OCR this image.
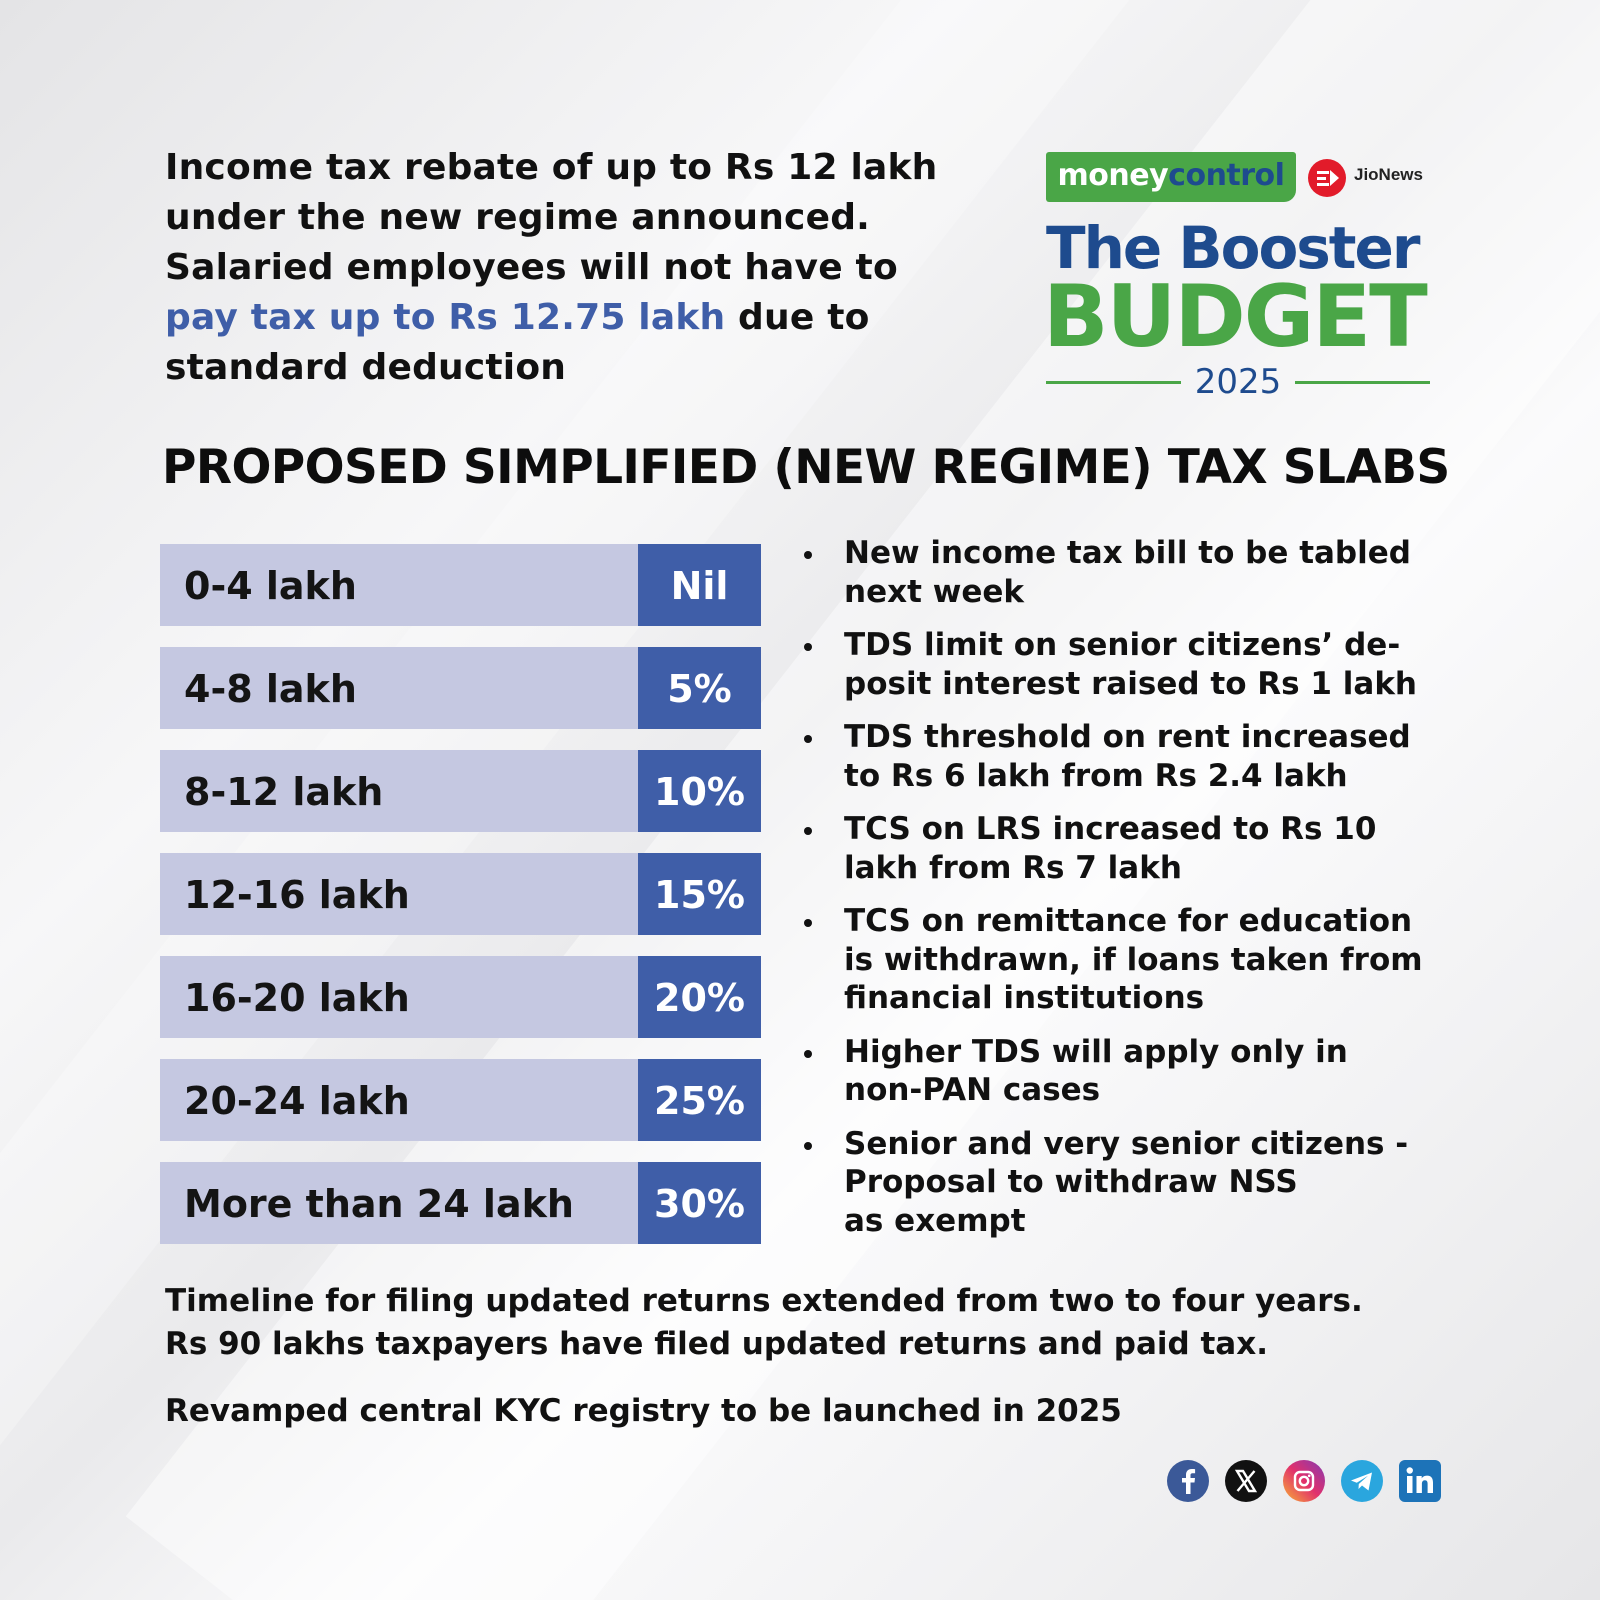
Income tax rebate of up to Rs 12 lakh
under the new regime announced.
Salaried employees will not have to
pay tax up to Rs 12.75 lakh due to
standard deduction
moneycontrol	JioNews
The Booster
BUDGET
2025
PROPOSED SIMPLIFIED (NEW REGIME) TAX SLABS
0-4 lakh	Nil
4-8 lakh	5%
8-12 lakh	10%
12-16 lakh	15%
16-20 lakh	20%
20-24 lakh	25%
More than 24 lakh	30%
New income tax bill to be tabled
next week
TDS limit on senior citizens’ de-
posit interest raised to Rs 1 lakh
TDS threshold on rent increased
to Rs 6 lakh from Rs 2.4 lakh
TCS on LRS increased to Rs 10
lakh from Rs 7 lakh
TCS on remittance for education
is withdrawn, if loans taken from
financial institutions
Higher TDS will apply only in
non-PAN cases
Senior and very senior citizens -
Proposal to withdraw NSS
as exempt
Timeline for filing updated returns extended from two to four years.
Rs 90 lakhs taxpayers have filed updated returns and paid tax.
Revamped central KYC registry to be launched in 2025
